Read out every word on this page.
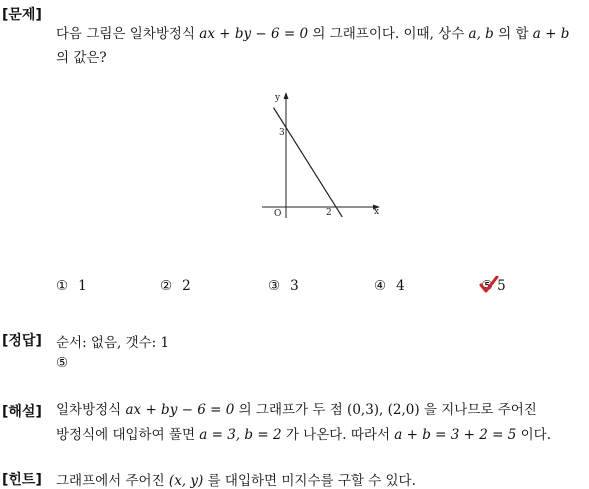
[문제]
다음 그림은 일차방정식 ax + by − 6 = 0 의 그래프이다. 이때, 상수 a, b 의 합 a + b
의 값은?
y
x
O
3
2
① 1	② 2	③ 3	④ 4	⑤ 5
[정답] 순서: 없음, 갯수: 1
⑤
[해설] 일차방정식 ax + by − 6 = 0 의 그래프가 두 점 (0,3), (2,0) 을 지나므로 주어진
방정식에 대입하여 풀면 a = 3, b = 2 가 나온다. 따라서 a + b = 3 + 2 = 5 이다.
[힌트] 그래프에서 주어진 (x, y) 를 대입하면 미지수를 구할 수 있다.
